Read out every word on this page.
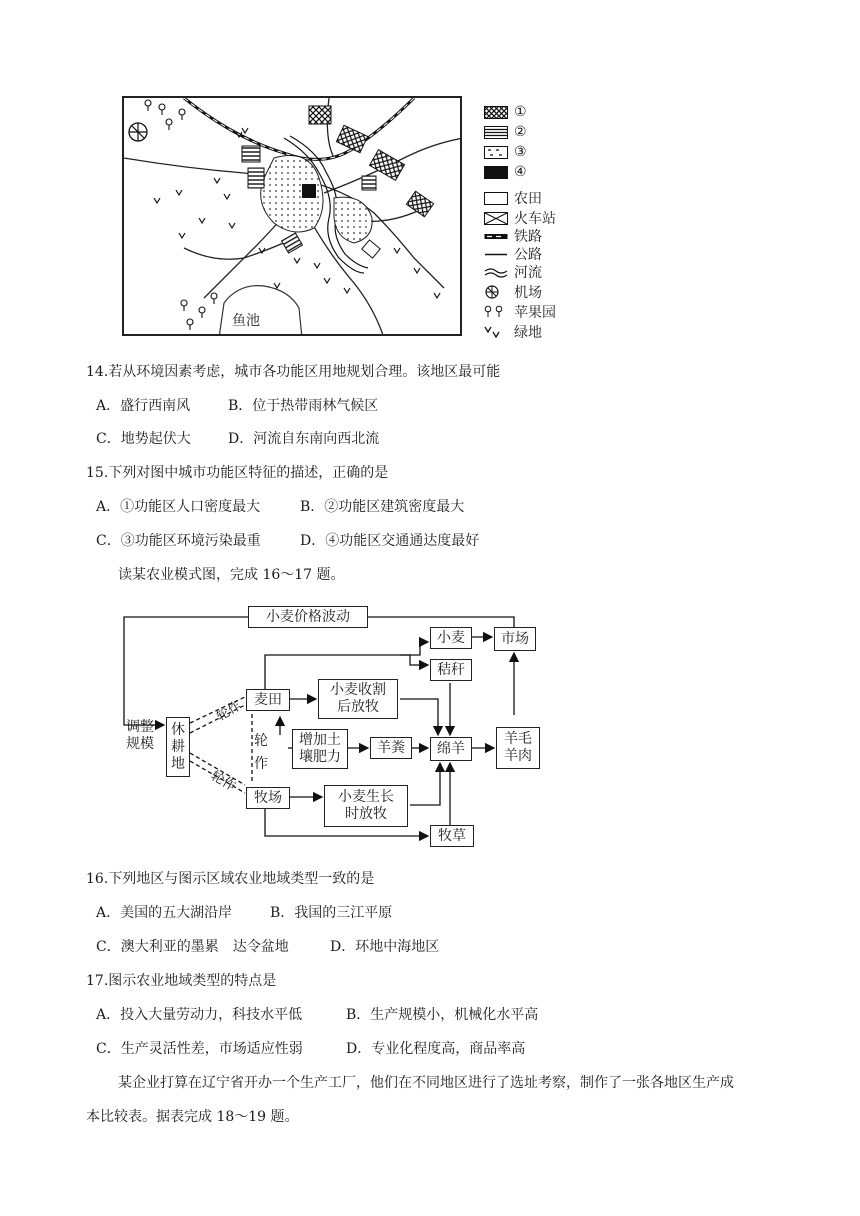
鱼池
①
②
③
④
农田
火车站
铁路
公路
河流
机场
苹果园
绿地
14.若从环境因素考虑，城市各功能区用地规划合理。该地区最可能
A．盛行西南风	B．位于热带雨林气候区
C．地势起伏大	D．河流自东南向西北流
15.下列对图中城市功能区特征的描述，正确的是
A．①功能区人口密度最大	B．②功能区建筑密度最大
C．③功能区环境污染最重	D．④功能区交通通达度最好
读某农业模式图，完成 16～17 题。
小麦价格波动
小麦	市场
秸秆
麦田
小麦收割
后放牧
调整
规模
休
耕
地
轮作
轮作
轮
作
增加土
壤肥力
羊粪	绵羊
羊毛
羊肉
牧场	小麦生长
时放牧
牧草
16.下列地区与图示区域农业地域类型一致的是
A．美国的五大湖沿岸	B．我国的三江平原
C．澳大利亚的墨累　达令盆地	D．环地中海地区
17.图示农业地域类型的特点是
A．投入大量劳动力，科技水平低	B．生产规模小，机械化水平高
C．生产灵活性差，市场适应性弱	D．专业化程度高，商品率高
某企业打算在辽宁省开办一个生产工厂，他们在不同地区进行了选址考察，制作了一张各地区生产成
本比较表。据表完成 18～19 题。
